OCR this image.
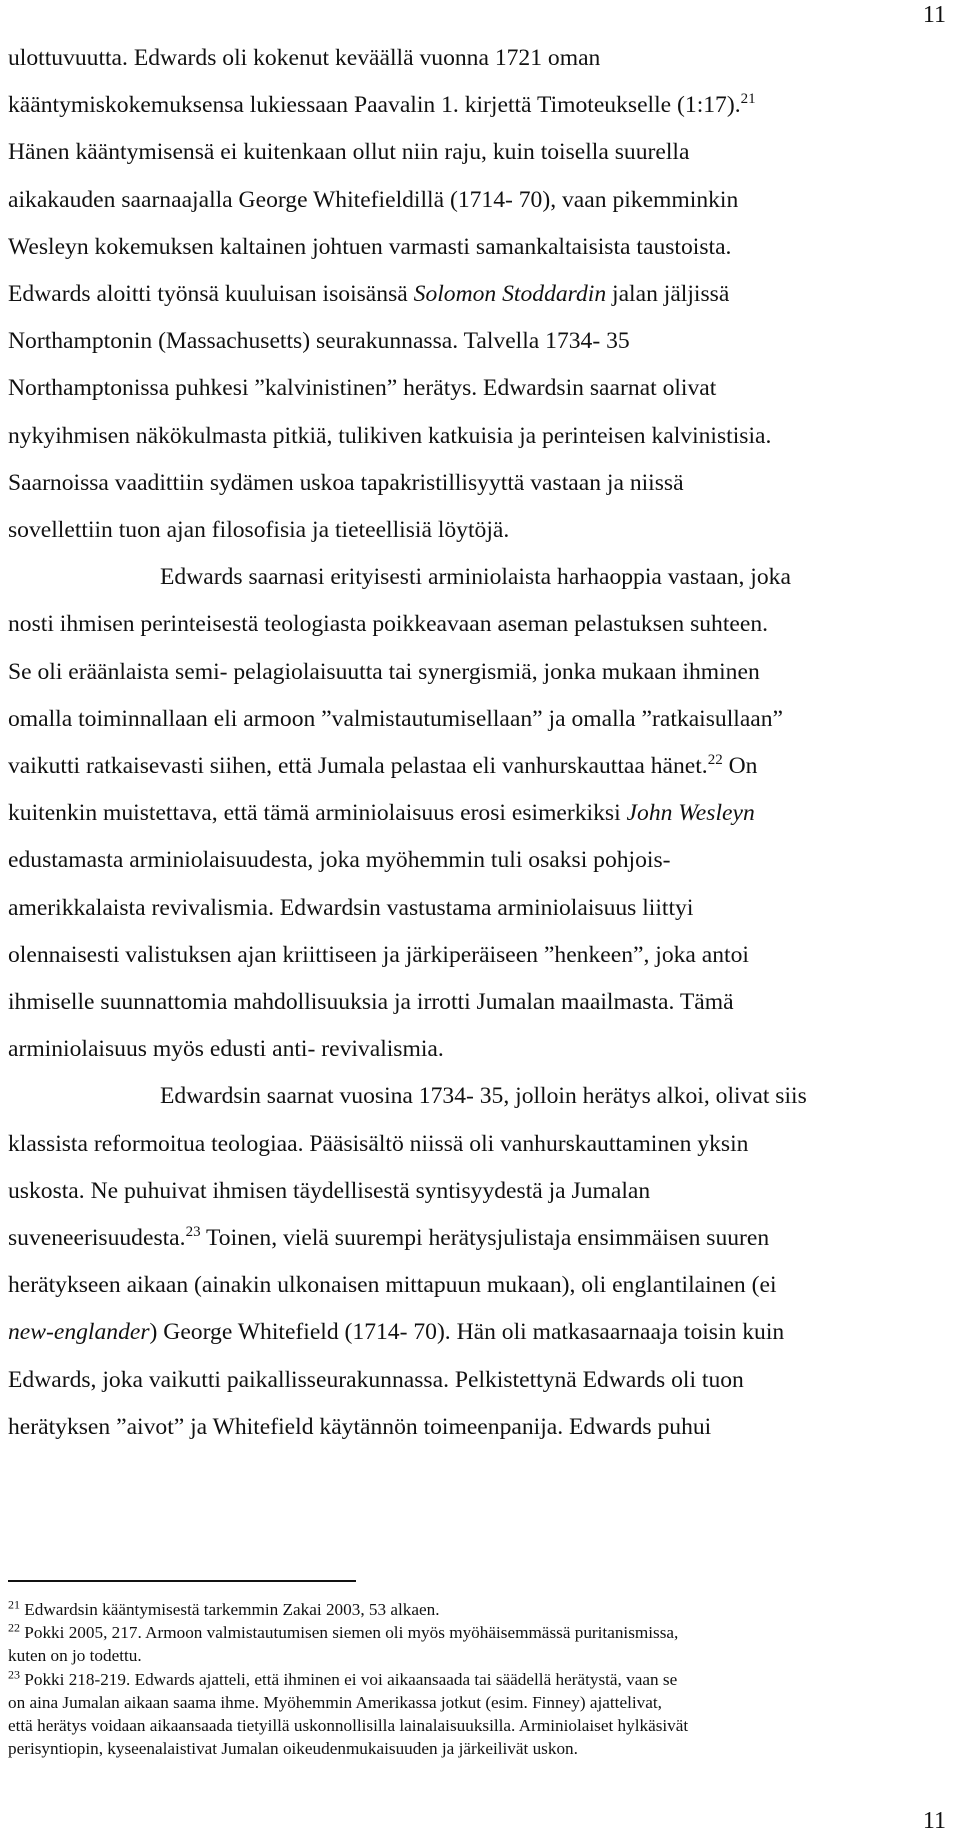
11
ulottuvuutta. Edwards oli kokenut keväällä vuonna 1721 oman
kääntymiskokemuksensa lukiessaan Paavalin 1. kirjettä Timoteukselle (1:17).$^{21}$
Hänen kääntymisensä ei kuitenkaan ollut niin raju, kuin toisella suurella
aikakauden saarnaajalla George Whitefieldillä (1714- 70), vaan pikemminkin
Wesleyn kokemuksen kaltainen johtuen varmasti samankaltaisista taustoista.
Edwards aloitti työnsä kuuluisan isoisänsä Solomon Stoddardin jalan jäljissä
Northamptonin (Massachusetts) seurakunnassa. Talvella 1734- 35
Northamptonissa puhkesi ”kalvinistinen” herätys. Edwardsin saarnat olivat
nykyihmisen näkökulmasta pitkiä, tulikiven katkuisia ja perinteisen kalvinistisia.
Saarnoissa vaadittiin sydämen uskoa tapakristillisyyttä vastaan ja niissä
sovellettiin tuon ajan filosofisia ja tieteellisiä löytöjä.
Edwards saarnasi erityisesti arminiolaista harhaoppia vastaan, joka
nosti ihmisen perinteisestä teologiasta poikkeavaan aseman pelastuksen suhteen.
Se oli eräänlaista semi- pelagiolaisuutta tai synergismiä, jonka mukaan ihminen
omalla toiminnallaan eli armoon ”valmistautumisellaan” ja omalla ”ratkaisullaan”
vaikutti ratkaisevasti siihen, että Jumala pelastaa eli vanhurskauttaa hänet.$^{22}$ On
kuitenkin muistettava, että tämä arminiolaisuus erosi esimerkiksi John Wesleyn
edustamasta arminiolaisuudesta, joka myöhemmin tuli osaksi pohjois-
amerikkalaista revivalismia. Edwardsin vastustama arminiolaisuus liittyi
olennaisesti valistuksen ajan kriittiseen ja järkiperäiseen ”henkeen”, joka antoi
ihmiselle suunnattomia mahdollisuuksia ja irrotti Jumalan maailmasta. Tämä
arminiolaisuus myös edusti anti- revivalismia.
Edwardsin saarnat vuosina 1734- 35, jolloin herätys alkoi, olivat siis
klassista reformoitua teologiaa. Pääsisältö niissä oli vanhurskauttaminen yksin
uskosta. Ne puhuivat ihmisen täydellisestä syntisyydestä ja Jumalan
suveneerisuudesta.$^{23}$ Toinen, vielä suurempi herätysjulistaja ensimmäisen suuren
herätykseen aikaan (ainakin ulkonaisen mittapuun mukaan), oli englantilainen (ei
new-englander) George Whitefield (1714- 70). Hän oli matkasaarnaaja toisin kuin
Edwards, joka vaikutti paikallisseurakunnassa. Pelkistettynä Edwards oli tuon
herätyksen ”aivot” ja Whitefield käytännön toimeenpanija. Edwards puhui
$^{21}$ Edwardsin kääntymisestä tarkemmin Zakai 2003, 53 alkaen.
$^{22}$ Pokki 2005, 217. Armoon valmistautumisen siemen oli myös myöhäisemmässä puritanismissa,
kuten on jo todettu.
$^{23}$ Pokki 218-219. Edwards ajatteli, että ihminen ei voi aikaansaada tai säädellä herätystä, vaan se
on aina Jumalan aikaan saama ihme. Myöhemmin Amerikassa jotkut (esim. Finney) ajattelivat,
että herätys voidaan aikaansaada tietyillä uskonnollisilla lainalaisuuksilla. Arminiolaiset hylkäsivät
perisyntiopin, kyseenalaistivat Jumalan oikeudenmukaisuuden ja järkeilivät uskon.
11
